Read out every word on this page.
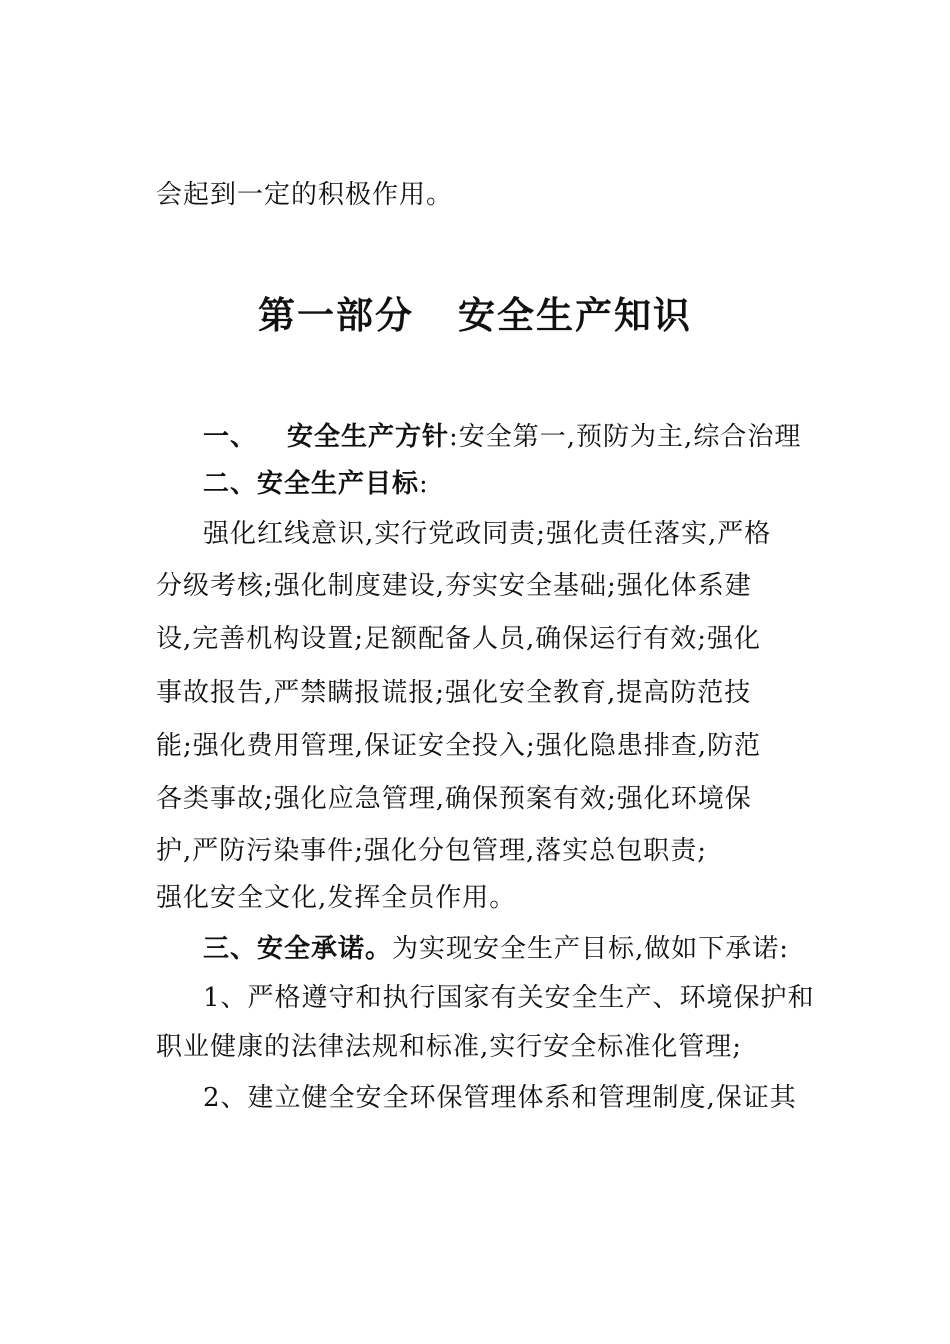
会起到一定的积极作用。
第一部分 安全生产知识
一、 安全生产方针:安全第一,预防为主,综合治理
二、安全生产目标:
强化红线意识,实行党政同责;强化责任落实,严格
分级考核;强化制度建设,夯实安全基础;强化体系建
设,完善机构设置;足额配备人员,确保运行有效;强化
事故报告,严禁瞒报谎报;强化安全教育,提高防范技
能;强化费用管理,保证安全投入;强化隐患排查,防范
各类事故;强化应急管理,确保预案有效;强化环境保
护,严防污染事件;强化分包管理,落实总包职责;
强化安全文化,发挥全员作用。
三、安全承诺。为实现安全生产目标,做如下承诺:
1、严格遵守和执行国家有关安全生产、环境保护和
职业健康的法律法规和标准,实行安全标准化管理;
2、建立健全安全环保管理体系和管理制度,保证其
